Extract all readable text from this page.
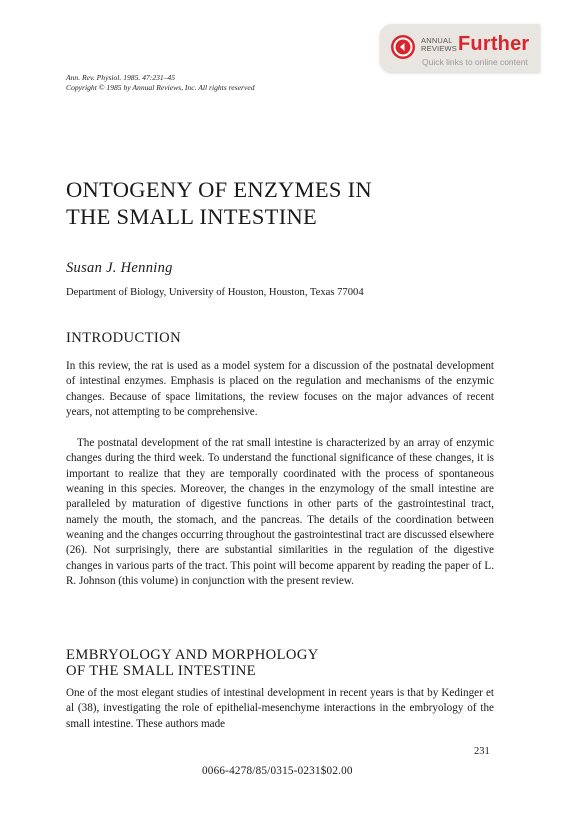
ANNUAL
REVIEWS Further
Quick links to online content
Ann. Rev. Physiol. 1985. 47:231–45
Copyright © 1985 by Annual Reviews, Inc. All rights reserved
ONTOGENY OF ENZYMES IN
THE SMALL INTESTINE
Susan J. Henning
Department of Biology, University of Houston, Houston, Texas 77004
INTRODUCTION

In this review, the rat is used as a model system for a discussion of the postnatal development of intestinal enzymes. Emphasis is placed on the regulation and mechanisms of the enzymic changes. Because of space limitations, the review focuses on the major advances of recent years, not attempting to be comprehensive.

The postnatal development of the rat small intestine is characterized by an array of enzymic changes during the third week. To understand the functional significance of these changes, it is important to realize that they are temporally coordinated with the process of spontaneous weaning in this species. Moreover, the changes in the enzymology of the small intestine are paralleled by maturation of digestive functions in other parts of the gastrointestinal tract, namely the mouth, the stomach, and the pancreas. The details of the coordination between weaning and the changes occurring throughout the gastrointestinal tract are discussed elsewhere (26). Not surprisingly, there are substantial similarities in the regulation of the digestive changes in various parts of the tract. This point will become apparent by reading the paper of L. R. Johnson (this volume) in conjunction with the present review.

EMBRYOLOGY AND MORPHOLOGY
OF THE SMALL INTESTINE

One of the most elegant studies of intestinal development in recent years is that by Kedinger et al (38), investigating the role of epithelial-mesenchyme interactions in the embryology of the small intestine. These authors made

231
0066-4278/85/0315-0231$02.00
